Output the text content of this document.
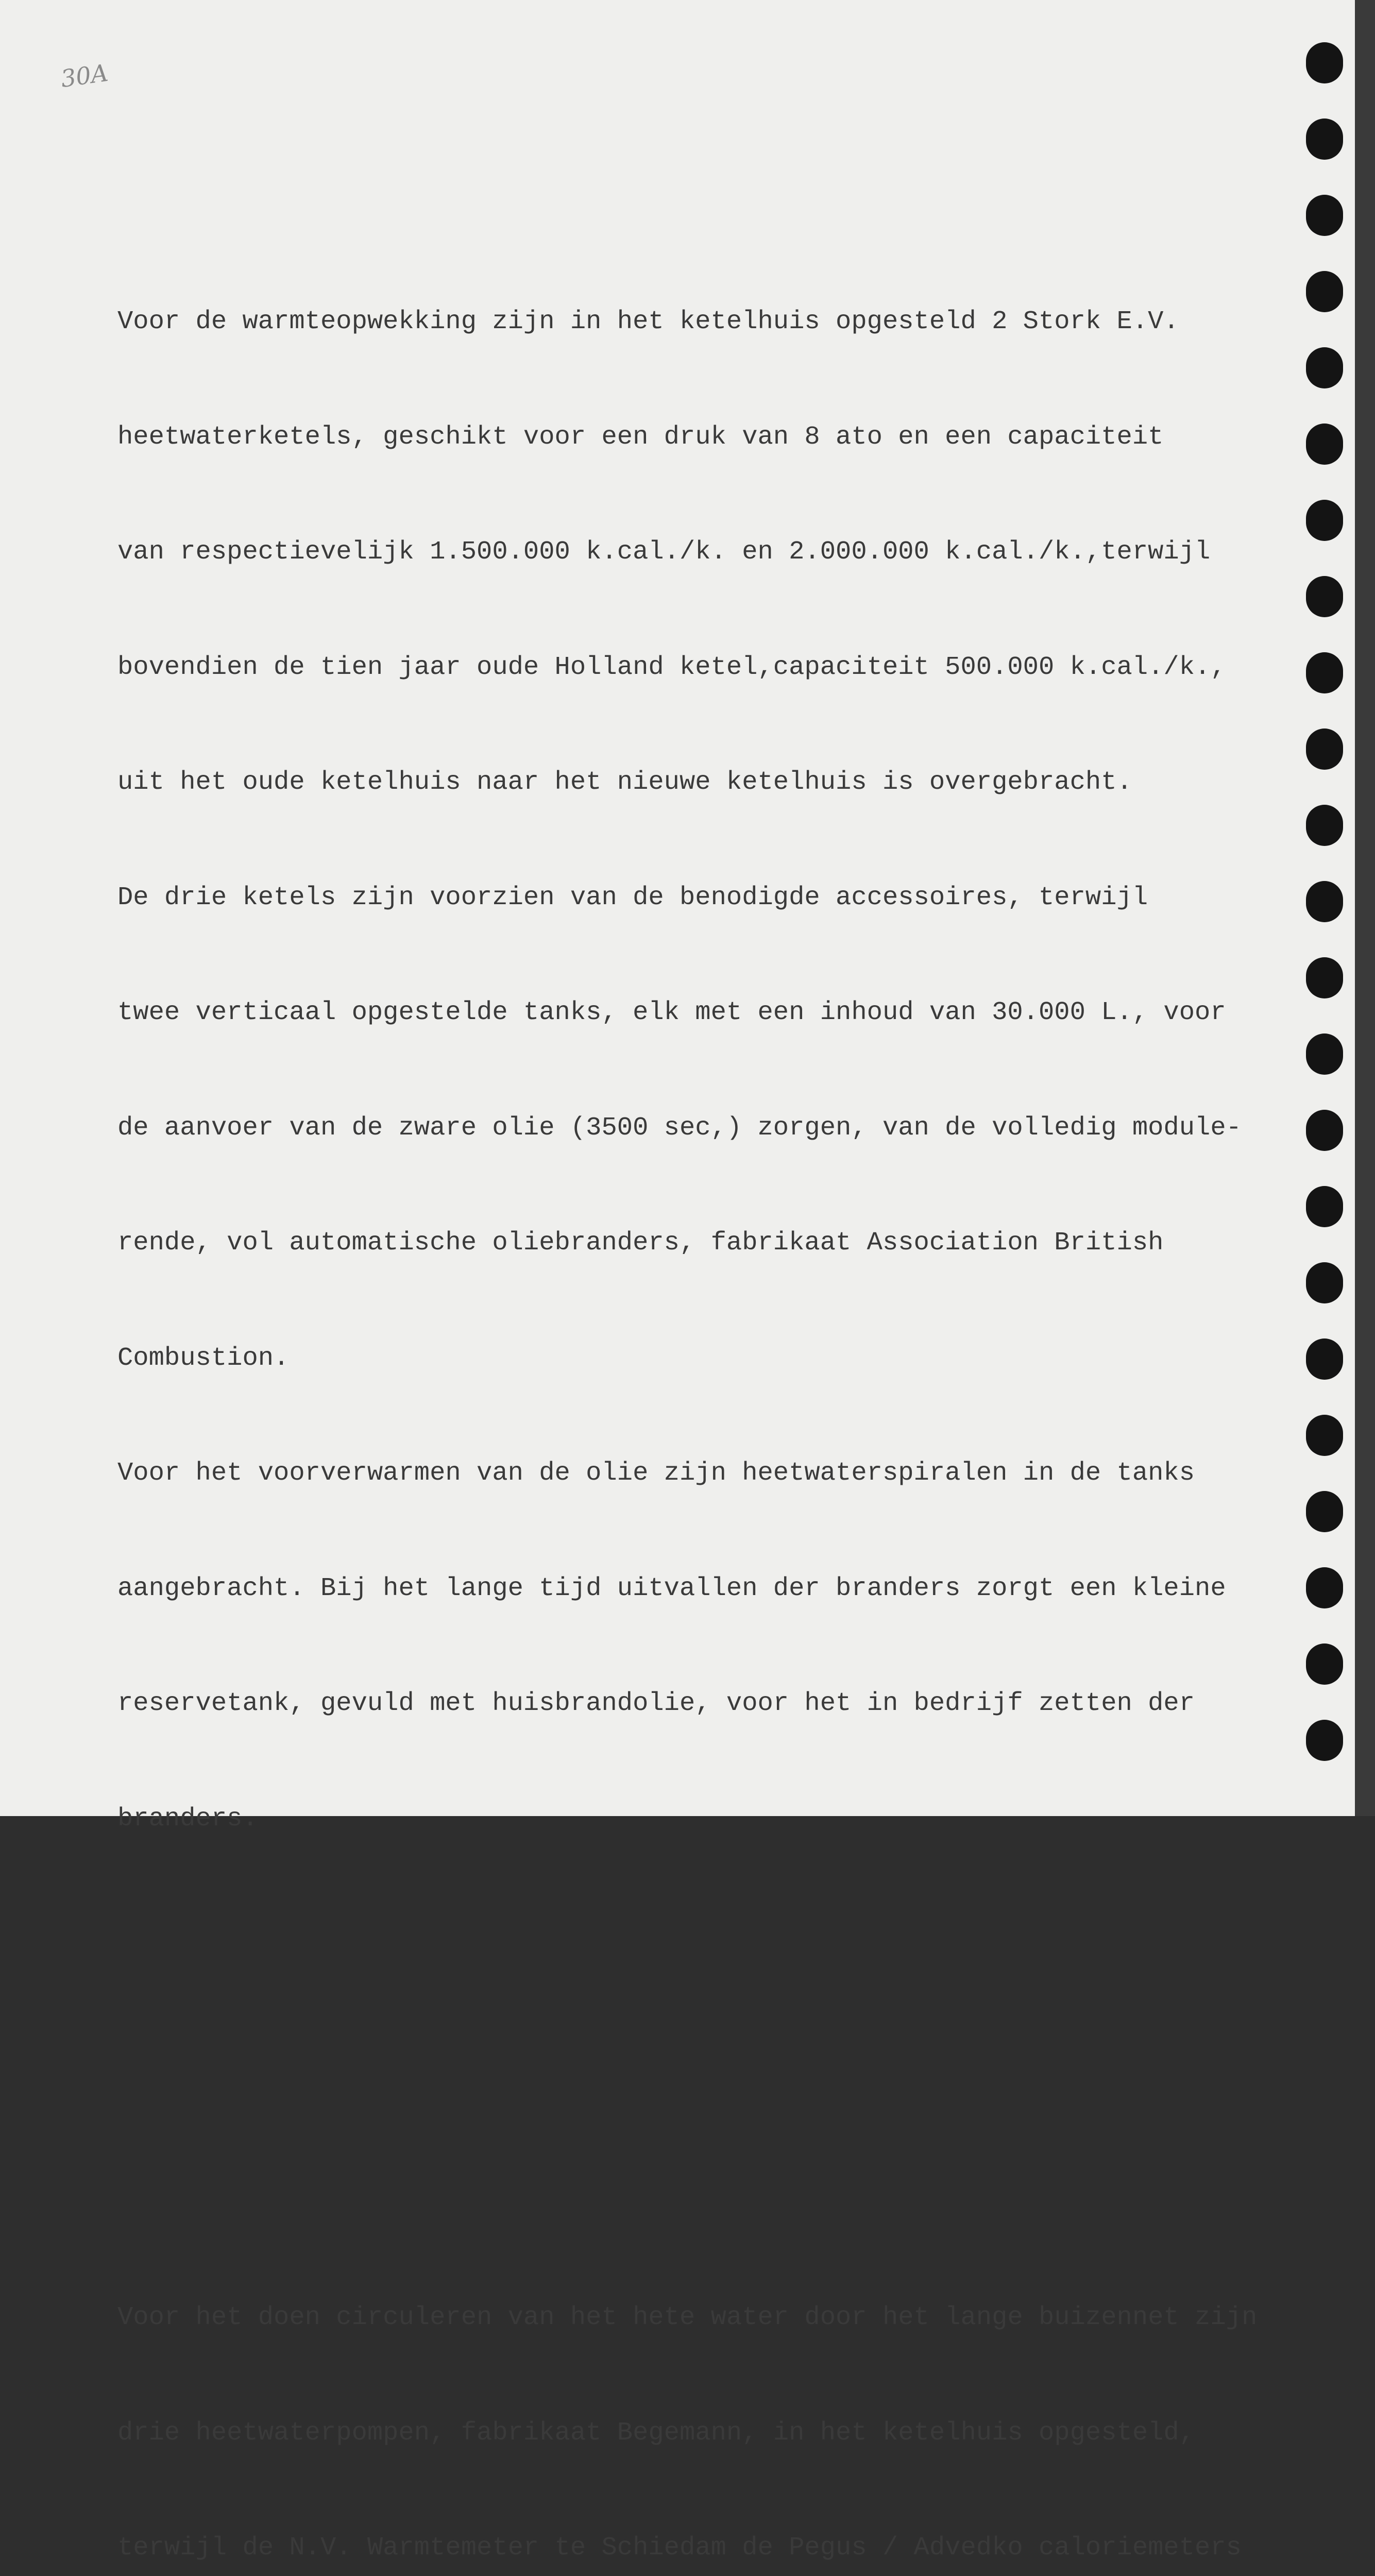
30A

Voor de warmteopwekking zijn in het ketelhuis opgesteld 2 Stork E.V.

heetwaterketels, geschikt voor een druk van 8 ato en een capaciteit

van respectievelijk 1.500.000 k.cal./k. en 2.000.000 k.cal./k.,terwijl

bovendien de tien jaar oude Holland ketel,capaciteit 500.000 k.cal./k.,

uit het oude ketelhuis naar het nieuwe ketelhuis is overgebracht.

De drie ketels zijn voorzien van de benodigde accessoires, terwijl

twee verticaal opgestelde tanks, elk met een inhoud van 30.000 L., voor

de aanvoer van de zware olie (3500 sec,) zorgen, van de volledig module-

rende, vol automatische oliebranders, fabrikaat Association British

Combustion.

Voor het voorverwarmen van de olie zijn heetwaterspiralen in de tanks

aangebracht. Bij het lange tijd uitvallen der branders zorgt een kleine

reservetank, gevuld met huisbrandolie, voor het in bedrijf zetten der

branders.

Voor het doen circuleren van het hete water door het lange buizennet zijn

drie heetwaterpompen, fabrikaat Begemann, in het ketelhuis opgesteld,

terwijl de N.V. Warmtemeter te Schiedam de Pegus / Advedko caloriemeters
